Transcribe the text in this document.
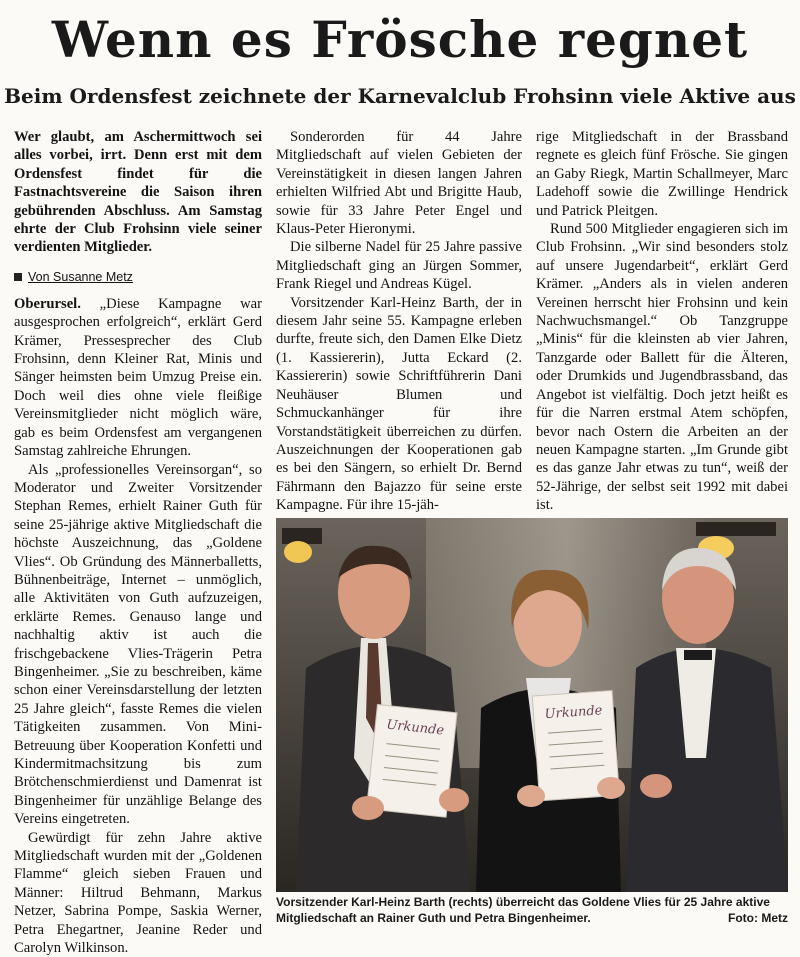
Wenn es Frösche regnet
Beim Ordensfest zeichnete der Karnevalclub Frohsinn viele Aktive aus

Wer glaubt, am Aschermittwoch sei alles vorbei, irrt. Denn erst mit dem Ordensfest findet für die Fastnachtsvereine die Saison ihren gebührenden Abschluss. Am Samstag ehrte der Club Frohsinn viele seiner verdienten Mitglieder.

Von Susanne Metz

Oberursel. „Diese Kampagne war ausgesprochen erfolgreich“, erklärt Gerd Krämer, Pressesprecher des Club Frohsinn, denn Kleiner Rat, Minis und Sänger heimsten beim Umzug Preise ein. Doch weil dies ohne viele fleißige Vereinsmitglieder nicht möglich wäre, gab es beim Ordensfest am vergangenen Samstag zahlreiche Ehrungen.

Als „professionelles Vereinsorgan“, so Moderator und Zweiter Vorsitzender Stephan Remes, erhielt Rainer Guth für seine 25-jährige aktive Mitgliedschaft die höchste Auszeichnung, das „Goldene Vlies“. Ob Gründung des Männerballetts, Bühnenbeiträge, Internet – unmöglich, alle Aktivitäten von Guth aufzuzeigen, erklärte Remes. Genauso lange und nachhaltig aktiv ist auch die frischgebackene Vlies-Trägerin Petra Bingenheimer. „Sie zu beschreiben, käme schon einer Vereinsdarstellung der letzten 25 Jahre gleich“, fasste Remes die vielen Tätigkeiten zusammen. Von Mini-Betreuung über Kooperation Konfetti und Kindermitmachsitzung bis zum Brötchenschmierdienst und Damenrat ist Bingenheimer für unzählige Belange des Vereins eingetreten.

Gewürdigt für zehn Jahre aktive Mitgliedschaft wurden mit der „Goldenen Flamme“ gleich sieben Frauen und Männer: Hiltrud Behmann, Markus Netzer, Sabrina Pompe, Saskia Werner, Petra Ehegartner, Jeanine Reder und Carolyn Wilkinson.

Sonderorden für 44 Jahre Mitgliedschaft auf vielen Gebieten der Vereinstätigkeit in diesen langen Jahren erhielten Wilfried Abt und Brigitte Haub, sowie für 33 Jahre Peter Engel und Klaus-Peter Hieronymi.

Die silberne Nadel für 25 Jahre passive Mitgliedschaft ging an Jürgen Sommer, Frank Riegel und Andreas Kügel.

Vorsitzender Karl-Heinz Barth, der in diesem Jahr seine 55. Kampagne erleben durfte, freute sich, den Damen Elke Dietz (1. Kassiererin), Jutta Eckard (2. Kassiererin) sowie Schriftführerin Dani Neuhäuser Blumen und Schmuckanhänger für ihre Vorstandstätigkeit überreichen zu dürfen. Auszeichnungen der Kooperationen gab es bei den Sängern, so erhielt Dr. Bernd Fährmann den Bajazzo für seine erste Kampagne. Für ihre 15-jäh-

rige Mitgliedschaft in der Brassband regnete es gleich fünf Frösche. Sie gingen an Gaby Riegk, Martin Schallmeyer, Marc Ladehoff sowie die Zwillinge Hendrick und Patrick Pleitgen.

Rund 500 Mitglieder engagieren sich im Club Frohsinn. „Wir sind besonders stolz auf unsere Jugendarbeit“, erklärt Gerd Krämer. „Anders als in vielen anderen Vereinen herrscht hier Frohsinn und kein Nachwuchsmangel.“ Ob Tanzgruppe „Minis“ für die kleinsten ab vier Jahren, Tanzgarde oder Ballett für die Älteren, oder Drumkids und Jugendbrassband, das Angebot ist vielfältig. Doch jetzt heißt es für die Narren erstmal Atem schöpfen, bevor nach Ostern die Arbeiten an der neuen Kampagne starten. „Im Grunde gibt es das ganze Jahr etwas zu tun“, weiß der 52-Jährige, der selbst seit 1992 mit dabei ist.

Urkunde
Urkunde
Vorsitzender Karl-Heinz Barth (rechts) überreicht das Goldene Vlies für 25 Jahre aktive Mitgliedschaft an Rainer Guth und Petra Bingenheimer.	Foto: Metz
